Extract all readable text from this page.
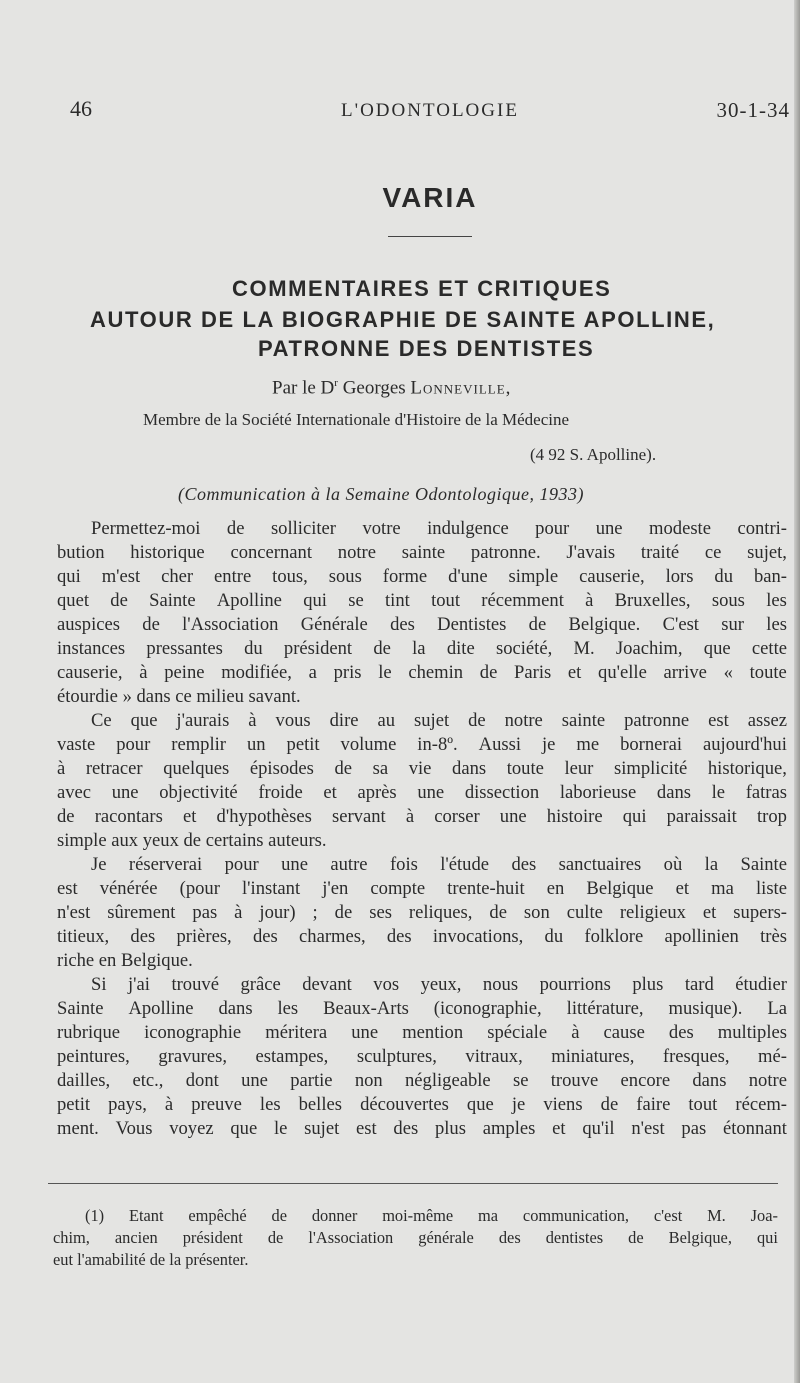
46	L'ODONTOLOGIE	30-1-34
VARIA
COMMENTAIRES ET CRITIQUES
AUTOUR DE LA BIOGRAPHIE DE SAINTE APOLLINE,
PATRONNE DES DENTISTES
Par le $D^r$ Georges Lonneville,
Membre de la Société Internationale d'Histoire de la Médecine
(4 92 S. Apolline).
(Communication à la Semaine Odontologique, 1933)
Permettez-moi de solliciter votre indulgence pour une modeste contri-
bution historique concernant notre sainte patronne. J'avais traité ce sujet,
qui m'est cher entre tous, sous forme d'une simple causerie, lors du ban-
quet de Sainte Apolline qui se tint tout récemment à Bruxelles, sous les
auspices de l'Association Générale des Dentistes de Belgique. C'est sur les
instances pressantes du président de la dite société, M. Joachim, que cette
causerie, à peine modifiée, a pris le chemin de Paris et qu'elle arrive « toute
étourdie » dans ce milieu savant.
Ce que j'aurais à vous dire au sujet de notre sainte patronne est assez
vaste pour remplir un petit volume in-8º. Aussi je me bornerai aujourd'hui
à retracer quelques épisodes de sa vie dans toute leur simplicité historique,
avec une objectivité froide et après une dissection laborieuse dans le fatras
de racontars et d'hypothèses servant à corser une histoire qui paraissait trop
simple aux yeux de certains auteurs.
Je réserverai pour une autre fois l'étude des sanctuaires où la Sainte
est vénérée (pour l'instant j'en compte trente-huit en Belgique et ma liste
n'est sûrement pas à jour) ; de ses reliques, de son culte religieux et supers-
titieux, des prières, des charmes, des invocations, du folklore apollinien très
riche en Belgique.
Si j'ai trouvé grâce devant vos yeux, nous pourrions plus tard étudier
Sainte Apolline dans les Beaux-Arts (iconographie, littérature, musique). La
rubrique iconographie méritera une mention spéciale à cause des multiples
peintures, gravures, estampes, sculptures, vitraux, miniatures, fresques, mé-
dailles, etc., dont une partie non négligeable se trouve encore dans notre
petit pays, à preuve les belles découvertes que je viens de faire tout récem-
ment. Vous voyez que le sujet est des plus amples et qu'il n'est pas étonnant
(1) Etant empêché de donner moi-même ma communication, c'est M. Joa-
chim, ancien président de l'Association générale des dentistes de Belgique, qui
eut l'amabilité de la présenter.
